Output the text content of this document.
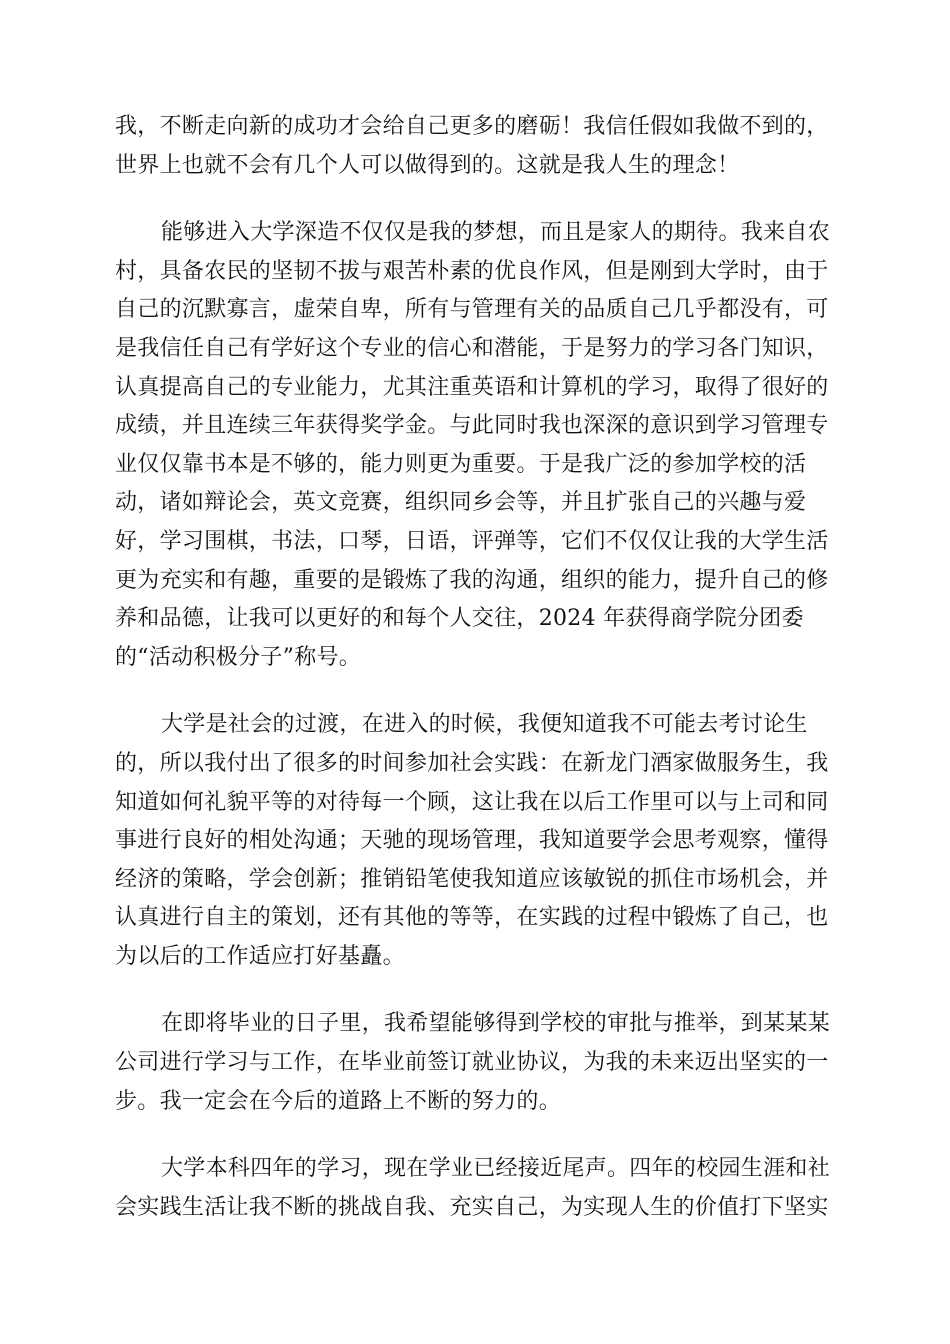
我，不断走向新的成功才会给自己更多的磨砺！我信任假如我做不到的，
世界上也就不会有几个人可以做得到的。这就是我人生的理念！
能够进入大学深造不仅仅是我的梦想，而且是家人的期待。我来自农
村，具备农民的坚韧不拔与艰苦朴素的优良作风，但是刚到大学时，由于
自己的沉默寡言，虚荣自卑，所有与管理有关的品质自己几乎都没有，可
是我信任自己有学好这个专业的信心和潜能，于是努力的学习各门知识，
认真提高自己的专业能力，尤其注重英语和计算机的学习，取得了很好的
成绩，并且连续三年获得奖学金。与此同时我也深深的意识到学习管理专
业仅仅靠书本是不够的，能力则更为重要。于是我广泛的参加学校的活
动，诸如辩论会，英文竞赛，组织同乡会等，并且扩张自己的兴趣与爱
好，学习围棋，书法，口琴，日语，评弹等，它们不仅仅让我的大学生活
更为充实和有趣，重要的是锻炼了我的沟通，组织的能力，提升自己的修
养和品德，让我可以更好的和每个人交往，2024 年获得商学院分团委
的“活动积极分子”称号。
大学是社会的过渡，在进入的时候，我便知道我不可能去考讨论生
的，所以我付出了很多的时间参加社会实践：在新龙门酒家做服务生，我
知道如何礼貌平等的对待每一个顾，这让我在以后工作里可以与上司和同
事进行良好的相处沟通；天驰的现场管理，我知道要学会思考观察，懂得
经济的策略，学会创新；推销铅笔使我知道应该敏锐的抓住市场机会，并
认真进行自主的策划，还有其他的等等，在实践的过程中锻炼了自己，也
为以后的工作适应打好基矗。
在即将毕业的日子里，我希望能够得到学校的审批与推举，到某某某
公司进行学习与工作，在毕业前签订就业协议，为我的未来迈出坚实的一
步。我一定会在今后的道路上不断的努力的。
大学本科四年的学习，现在学业已经接近尾声。四年的校园生涯和社
会实践生活让我不断的挑战自我、充实自己，为实现人生的价值打下坚实
